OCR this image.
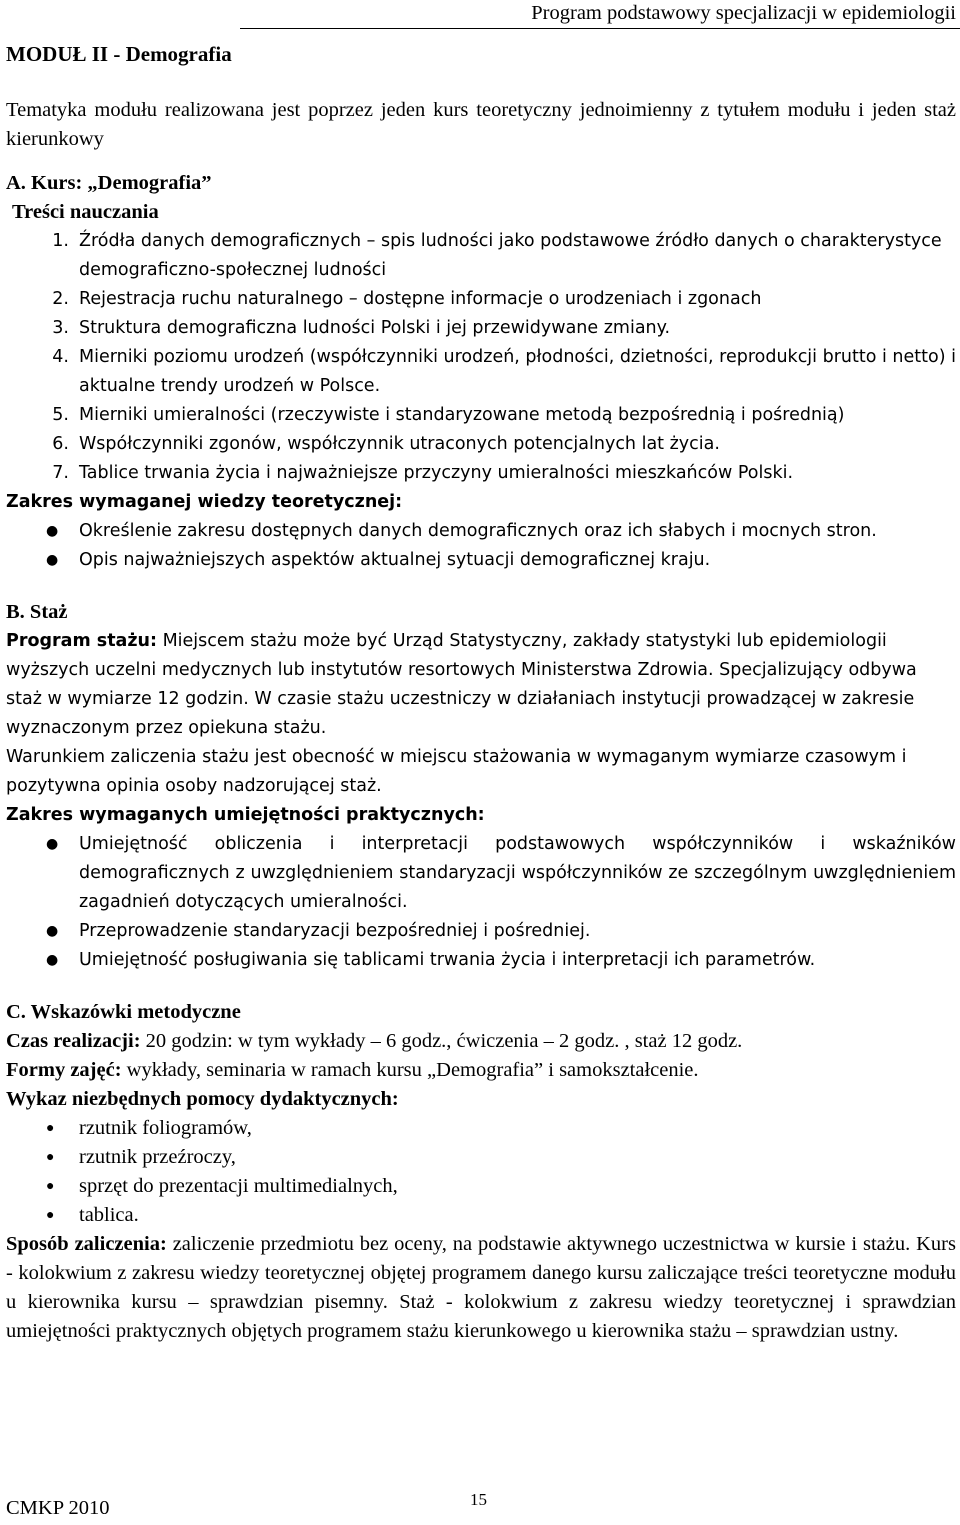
Program podstawowy specjalizacji w epidemiologii
MODUŁ II - Demografia

Tematyka modułu realizowana jest poprzez jeden kurs teoretyczny jednoimienny z tytułem modułu i jeden staż kierunkowy

A. Kurs: „Demografia”

Treści nauczania

1. Źródła danych demograficznych – spis ludności jako podstawowe źródło danych o charakterystyce demograficzno-społecznej ludności
2. Rejestracja ruchu naturalnego – dostępne informacje o urodzeniach i zgonach
3. Struktura demograficzna ludności Polski i jej przewidywane zmiany.
4. Mierniki poziomu urodzeń (współczynniki urodzeń, płodności, dzietności, reprodukcji brutto i netto) i aktualne trendy urodzeń w Polsce.
5. Mierniki umieralności (rzeczywiste i standaryzowane metodą bezpośrednią i pośrednią)
6. Współczynniki zgonów, współczynnik utraconych potencjalnych lat życia.
7. Tablice trwania życia i najważniejsze przyczyny umieralności mieszkańców Polski.

Zakres wymaganej wiedzy teoretycznej:

● Określenie zakresu dostępnych danych demograficznych oraz ich słabych i mocnych stron.
● Opis najważniejszych aspektów aktualnej sytuacji demograficznej kraju.

B. Staż

Program stażu: Miejscem stażu może być Urząd Statystyczny, zakłady statystyki lub epidemiologii wyższych uczelni medycznych lub instytutów resortowych Ministerstwa Zdrowia. Specjalizujący odbywa staż w wymiarze 12 godzin. W czasie stażu uczestniczy w działaniach instytucji prowadzącej w zakresie wyznaczonym przez opiekuna stażu.

Warunkiem zaliczenia stażu jest obecność w miejscu stażowania w wymaganym wymiarze czasowym i pozytywna opinia osoby nadzorującej staż.

Zakres wymaganych umiejętności praktycznych:

● Umiejętność obliczenia i interpretacji podstawowych współczynników i wskaźników demograficznych z uwzględnieniem standaryzacji współczynników ze szczególnym uwzględnieniem zagadnień dotyczących umieralności.
● Przeprowadzenie standaryzacji bezpośredniej i pośredniej.
● Umiejętność posługiwania się tablicami trwania życia i interpretacji ich parametrów.

C. Wskazówki metodyczne

Czas realizacji: 20 godzin: w tym wykłady – 6 godz., ćwiczenia – 2 godz. , staż 12 godz.

Formy zajęć: wykłady, seminaria w ramach kursu „Demografia” i samokształcenie.

Wykaz niezbędnych pomocy dydaktycznych:

● rzutnik foliogramów,
● rzutnik przeźroczy,
● sprzęt do prezentacji multimedialnych,
● tablica.

Sposób zaliczenia: zaliczenie przedmiotu bez oceny, na podstawie aktywnego uczestnictwa w kursie i stażu. Kurs - kolokwium z zakresu wiedzy teoretycznej objętej programem danego kursu zaliczające treści teoretyczne modułu u kierownika kursu – sprawdzian pisemny. Staż - kolokwium z zakresu wiedzy teoretycznej i sprawdzian umiejętności praktycznych objętych programem stażu kierunkowego u kierownika stażu – sprawdzian ustny.

CMKP 2010	15
